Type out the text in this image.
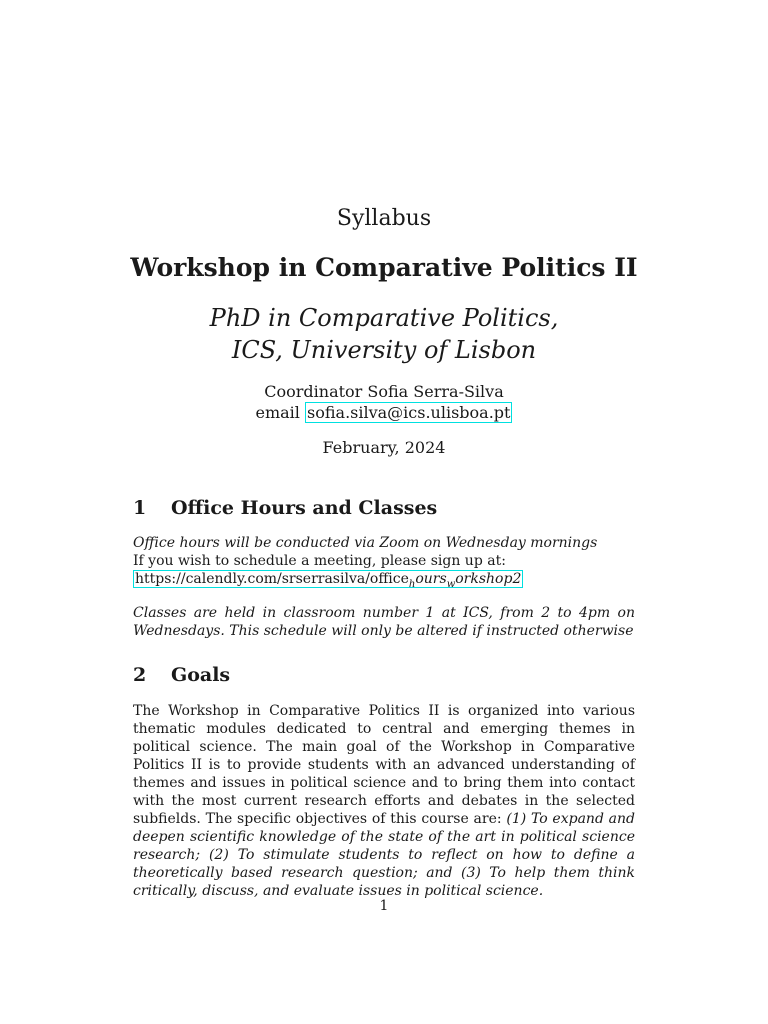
Syllabus
Workshop in Comparative Politics II
PhD in Comparative Politics,
ICS, University of Lisbon
Coordinator Sofia Serra-Silva
email sofia.silva@ics.ulisboa.pt
February, 2024
1 Office Hours and Classes
Office hours will be conducted via Zoom on Wednesday mornings
If you wish to schedule a meeting, please sign up at:
https://calendly.com/srserrasilva/office$_h$ours$_w$orkshop2
Classes are held in classroom number 1 at ICS, from 2 to 4pm on Wednesdays. This schedule will only be altered if instructed otherwise
2 Goals
The Workshop in Comparative Politics II is organized into various thematic modules dedicated to central and emerging themes in political science. The main goal of the Workshop in Comparative Politics II is to provide students with an advanced understanding of themes and issues in political science and to bring them into contact with the most current research efforts and debates in the selected subfields. The specific objectives of this course are: (1) To expand and deepen scientific knowledge of the state of the art in political science research; (2) To stimulate students to reflect on how to define a theoretically based research question; and (3) To help them think critically, discuss, and evaluate issues in political science.
1
